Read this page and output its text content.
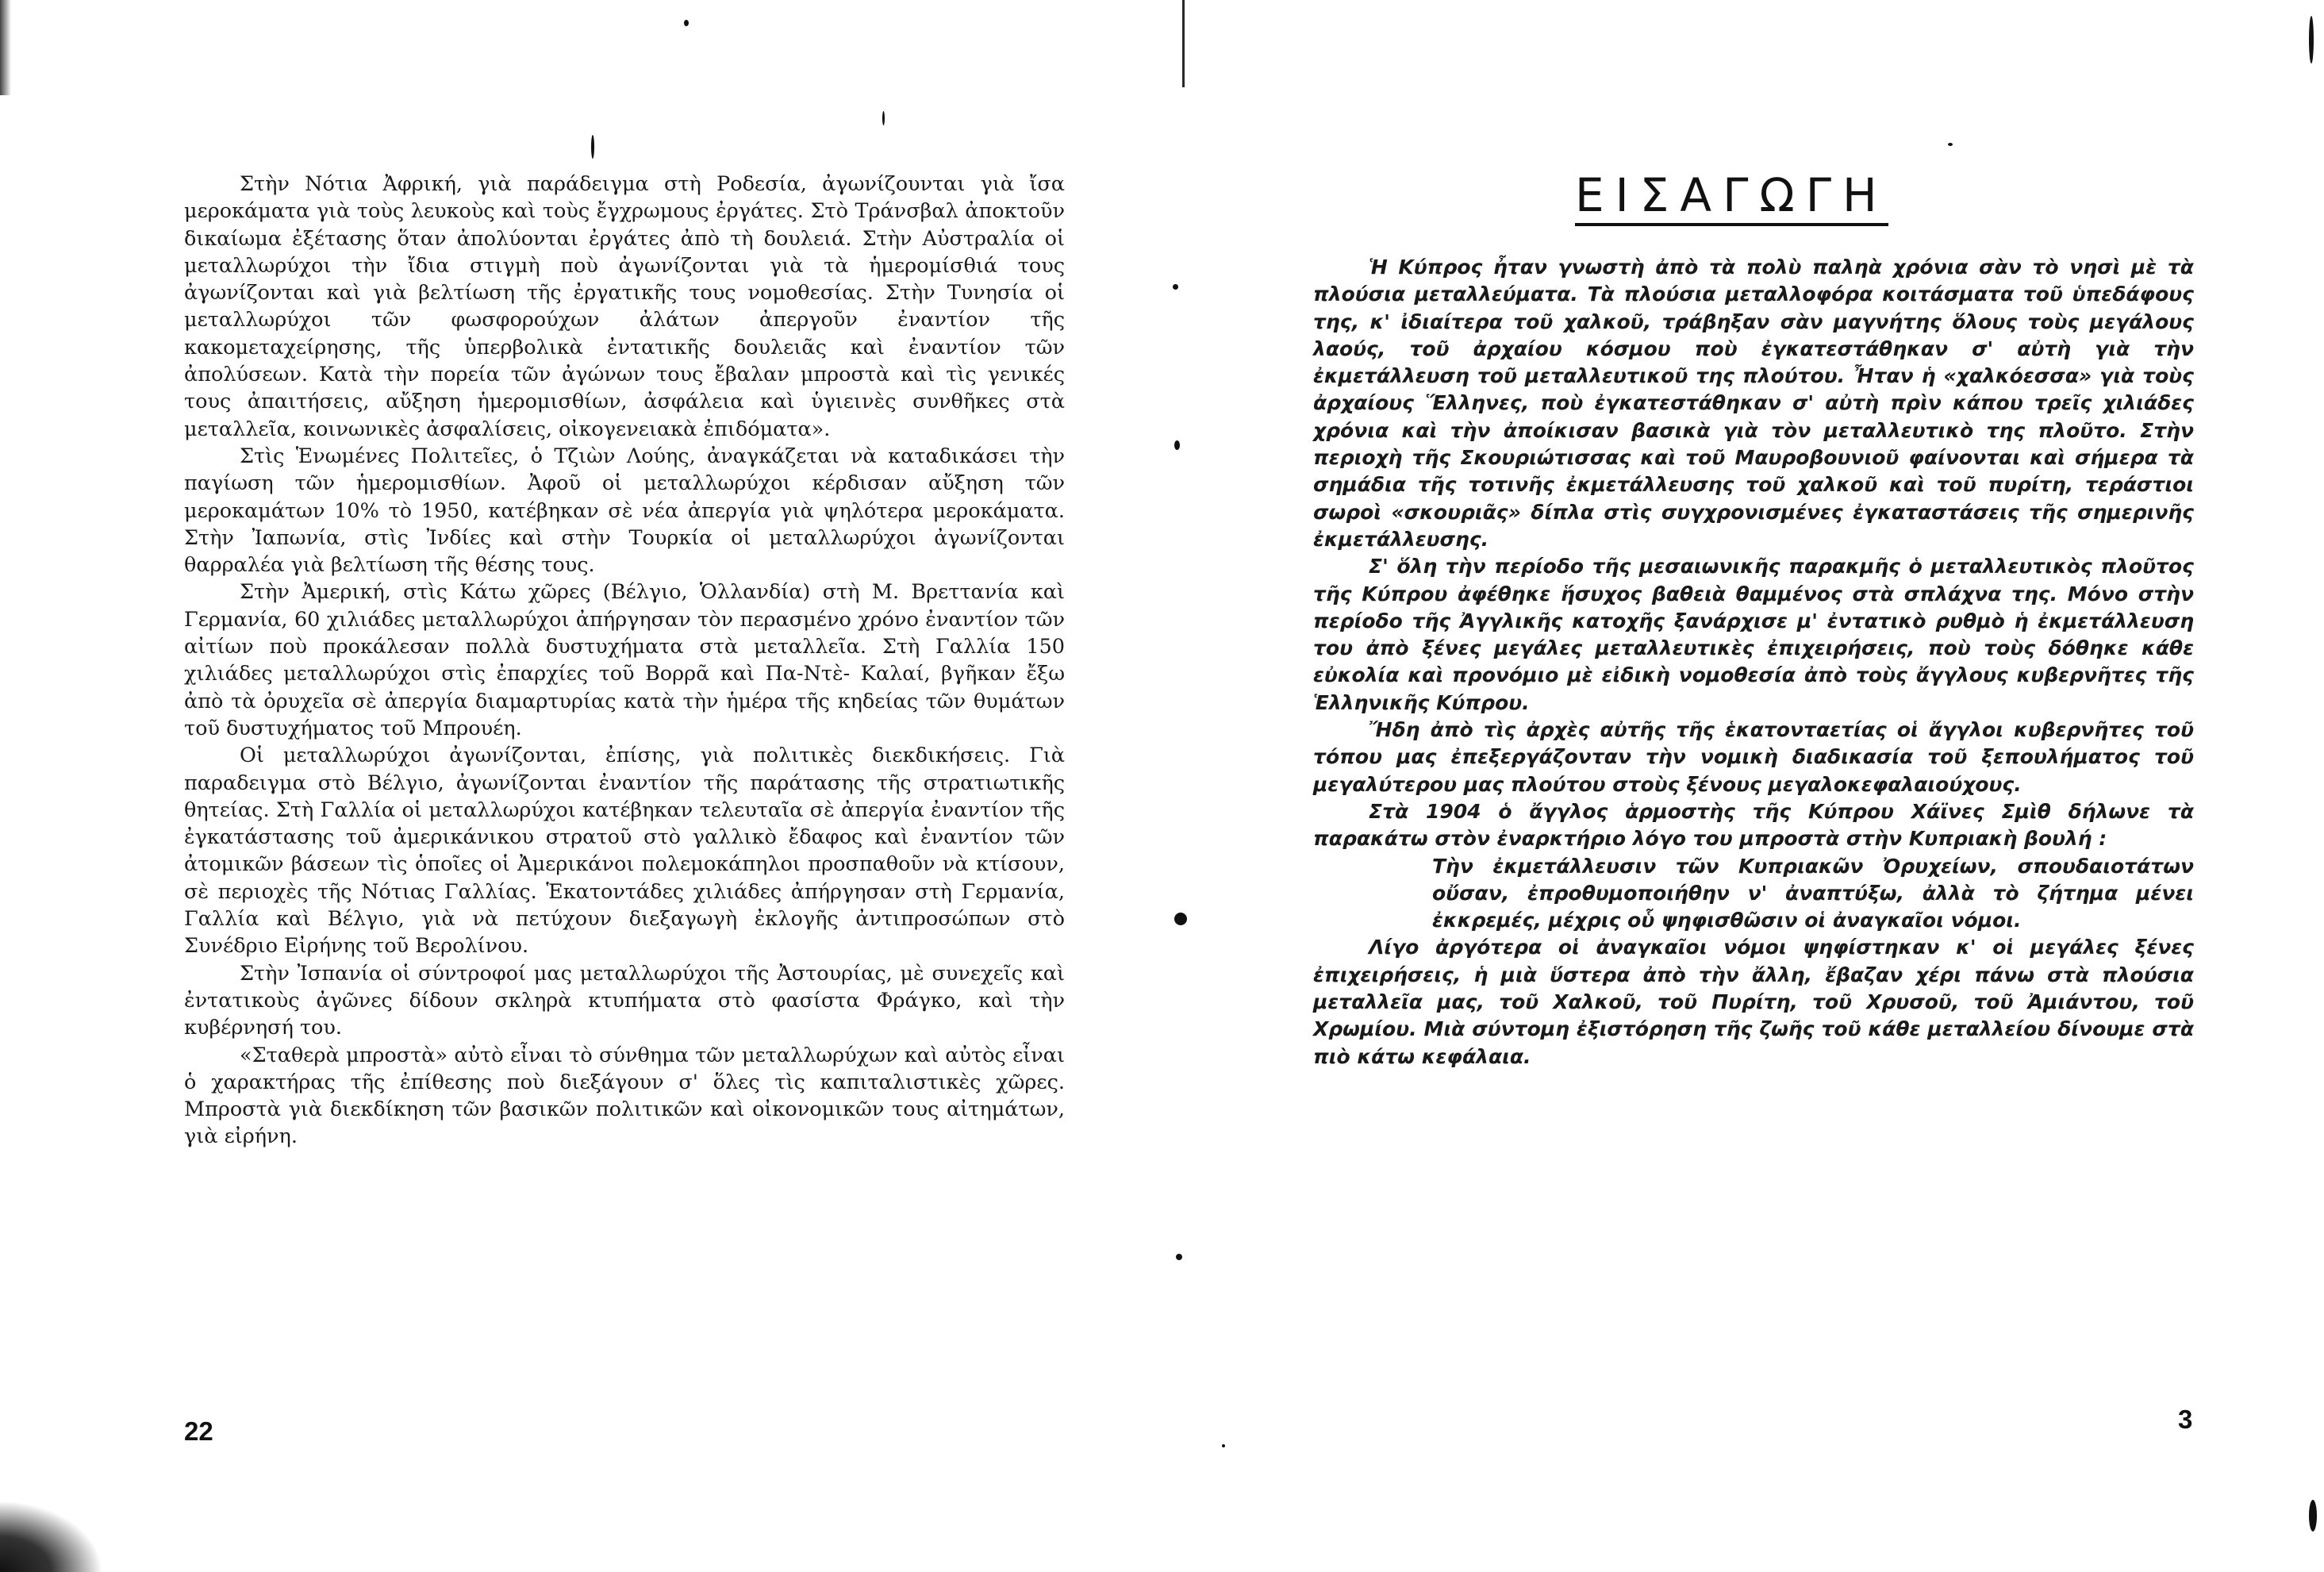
Στὴν Νότια Ἀφρική, γιὰ παράδειγμα στὴ Ροδεσία, ἀγωνίζουνται γιὰ ἴσα μεροκάματα γιὰ τοὺς λευκοὺς καὶ τοὺς ἔγχρωμους ἐργάτες. Στὸ Τράνσβαλ ἀποκτοῦν δικαίωμα ἐξέτασης ὅταν ἀπολύονται ἐργάτες ἀπὸ τὴ δουλειά. Στὴν Αὐστραλία οἱ μεταλλωρύχοι τὴν ἴδια στιγμὴ ποὺ ἀγωνίζονται γιὰ τὰ ἡμερομίσθιά τους ἀγωνίζονται καὶ γιὰ βελτίωση τῆς ἐργατικῆς τους νομοθεσίας. Στὴν Τυνησία οἱ μεταλλωρύχοι τῶν φωσφορούχων ἀλάτων ἀπεργοῦν ἐναντίον τῆς κακομεταχείρησης, τῆς ὑπερβολικὰ ἐντατικῆς δουλειᾶς καὶ ἐναντίον τῶν ἀπολύσεων. Κατὰ τὴν πορεία τῶν ἀγώνων τους ἔβαλαν μπροστὰ καὶ τὶς γενικές τους ἀπαιτήσεις, αὔξηση ἡμερομισθίων, ἀσφάλεια καὶ ὑγιεινὲς συνθῆκες στὰ μεταλλεῖα, κοινωνικὲς ἀσφαλίσεις, οἰκογενειακὰ ἐπιδόματα».

Στὶς Ἑνωμένες Πολιτεῖες, ὁ Τζιὼν Λούης, ἀναγκάζεται νὰ καταδικάσει τὴν παγίωση τῶν ἡμερομισθίων. Ἀφοῦ οἱ μεταλλωρύχοι κέρδισαν αὔξηση τῶν μεροκαμάτων 10% τὸ 1950, κατέβηκαν σὲ νέα ἀπεργία γιὰ ψηλότερα μεροκάματα. Στὴν Ἰαπωνία, στὶς Ἰνδίες καὶ στὴν Τουρκία οἱ μεταλλωρύχοι ἀγωνίζονται θαρραλέα γιὰ βελτίωση τῆς θέσης τους.

Στὴν Ἀμερική, στὶς Κάτω χῶρες (Βέλγιο, Ὁλλανδία) στὴ Μ. Βρεττανία καὶ Γερμανία, 60 χιλιάδες μεταλλωρύχοι ἀπήργησαν τὸν περασμένο χρόνο ἐναντίον τῶν αἰτίων ποὺ προκάλεσαν πολλὰ δυστυχήματα στὰ μεταλλεῖα. Στὴ Γαλλία 150 χιλιάδες μεταλλωρύχοι στὶς ἐπαρχίες τοῦ Βορρᾶ καὶ Πα-Ντὲ- Καλαί, βγῆκαν ἔξω ἀπὸ τὰ ὀρυχεῖα σὲ ἀπεργία διαμαρτυρίας κατὰ τὴν ἡμέρα τῆς κηδείας τῶν θυμάτων τοῦ δυστυχήματος τοῦ Μπρουέη.

Οἱ μεταλλωρύχοι ἀγωνίζονται, ἐπίσης, γιὰ πολιτικὲς διεκδικήσεις. Γιὰ παραδειγμα στὸ Βέλγιο, ἀγωνίζονται ἐναντίον τῆς παράτασης τῆς στρατιωτικῆς θητείας. Στὴ Γαλλία οἱ μεταλλωρύχοι κατέβηκαν τελευταῖα σὲ ἀπεργία ἐναντίον τῆς ἐγκατάστασης τοῦ ἀμερικάνικου στρατοῦ στὸ γαλλικὸ ἔδαφος καὶ ἐναντίον τῶν ἀτομικῶν βάσεων τὶς ὁποῖες οἱ Ἀμερικάνοι πολεμοκάπηλοι προσπαθοῦν νὰ κτίσουν, σὲ περιοχὲς τῆς Νότιας Γαλλίας. Ἑκατοντάδες χιλιάδες ἀπήργησαν στὴ Γερμανία, Γαλλία καὶ Βέλγιο, γιὰ νὰ πετύχουν διεξαγωγὴ ἐκλογῆς ἀντιπροσώπων στὸ Συνέδριο Εἰρήνης τοῦ Βερολίνου.

Στὴν Ἰσπανία οἱ σύντροφοί μας μεταλλωρύχοι τῆς Ἀστουρίας, μὲ συνεχεῖς καὶ ἐντατικοὺς ἀγῶνες δίδουν σκληρὰ κτυπήματα στὸ φασίστα Φράγκο, καὶ τὴν κυβέρνησή του.

«Σταθερὰ μπροστὰ» αὐτὸ εἶναι τὸ σύνθημα τῶν μεταλλωρύχων καὶ αὐτὸς εἶναι ὁ χαρακτήρας τῆς ἐπίθεσης ποὺ διεξάγουν σ' ὅλες τὶς καπιταλιστικὲς χῶρες. Μπροστὰ γιὰ διεκδίκηση τῶν βασικῶν πολιτικῶν καὶ οἰκονομικῶν τους αἰτημάτων, γιὰ εἰρήνη.

22
ΕΙΣΑΓΩΓΗ

Ἡ Κύπρος ἦταν γνωστὴ ἀπὸ τὰ πολὺ παληὰ χρόνια σὰν τὸ νησὶ μὲ τὰ πλούσια μεταλλεύματα. Τὰ πλούσια μεταλλοφόρα κοιτάσματα τοῦ ὑπεδάφους της, κ' ἰδιαίτερα τοῦ χαλκοῦ, τράβηξαν σὰν μαγνήτης ὅλους τοὺς μεγάλους λαούς, τοῦ ἀρχαίου κόσμου ποὺ ἐγκατεστάθηκαν σ' αὐτὴ γιὰ τὴν ἐκμετάλλευση τοῦ μεταλλευτικοῦ της πλούτου. Ἦταν ἡ «χαλκόεσσα» γιὰ τοὺς ἀρχαίους Ἕλληνες, ποὺ ἐγκατεστάθηκαν σ' αὐτὴ πρὶν κάπου τρεῖς χιλιάδες χρόνια καὶ τὴν ἀποίκισαν βασικὰ γιὰ τὸν μεταλλευτικὸ της πλοῦτο. Στὴν περιοχὴ τῆς Σκουριώτισσας καὶ τοῦ Μαυροβουνιοῦ φαίνονται καὶ σήμερα τὰ σημάδια τῆς τοτινῆς ἐκμετάλλευσης τοῦ χαλκοῦ καὶ τοῦ πυρίτη, τεράστιοι σωροὶ «σκουριᾶς» δίπλα στὶς συγχρονισμένες ἐγκαταστάσεις τῆς σημερινῆς ἐκμετάλλευσης.

Σ' ὅλη τὴν περίοδο τῆς μεσαιωνικῆς παρακμῆς ὁ μεταλλευτικὸς πλοῦτος τῆς Κύπρου ἀφέθηκε ἥσυχος βαθειὰ θαμμένος στὰ σπλάχνα της. Μόνο στὴν περίοδο τῆς Ἀγγλικῆς κατοχῆς ξανάρχισε μ' ἐντατικὸ ρυθμὸ ἡ ἐκμετάλλευση του ἀπὸ ξένες μεγάλες μεταλλευτικὲς ἐπιχειρήσεις, ποὺ τοὺς δόθηκε κάθε εὐκολία καὶ προνόμιο μὲ εἰδικὴ νομοθεσία ἀπὸ τοὺς ἄγγλους κυβερνῆτες τῆς Ἑλληνικῆς Κύπρου.

Ἤδη ἀπὸ τὶς ἀρχὲς αὐτῆς τῆς ἑκατονταετίας οἱ ἄγγλοι κυβερνῆτες τοῦ τόπου μας ἐπεξεργάζονταν τὴν νομικὴ διαδικασία τοῦ ξεπουλήματος τοῦ μεγαλύτερου μας πλούτου στοὺς ξένους μεγαλοκεφαλαιούχους.

Στὰ 1904 ὁ ἄγγλος ἁρμοστὴς τῆς Κύπρου Χάϊνες Σμὶθ δήλωνε τὰ παρακάτω στὸν ἐναρκτήριο λόγο του μπροστὰ στὴν Κυπριακὴ βουλή :

Τὴν ἐκμετάλλευσιν τῶν Κυπριακῶν Ὀρυχείων, σπουδαιοτάτων οὔσαν, ἐπροθυμοποιήθην ν' ἀναπτύξω, ἀλλὰ τὸ ζήτημα μένει ἐκκρεμές, μέχρις οὗ ψηφισθῶσιν οἱ ἀναγκαῖοι νόμοι.

Λίγο ἀργότερα οἱ ἀναγκαῖοι νόμοι ψηφίστηκαν κ' οἱ μεγάλες ξένες ἐπιχειρήσεις, ἡ μιὰ ὕστερα ἀπὸ τὴν ἄλλη, ἔβαζαν χέρι πάνω στὰ πλούσια μεταλλεῖα μας, τοῦ Χαλκοῦ, τοῦ Πυρίτη, τοῦ Χρυσοῦ, τοῦ Ἀμιάντου, τοῦ Χρωμίου. Μιὰ σύντομη ἐξιστόρηση τῆς ζωῆς τοῦ κάθε μεταλλείου δίνουμε στὰ πιὸ κάτω κεφάλαια.

3
